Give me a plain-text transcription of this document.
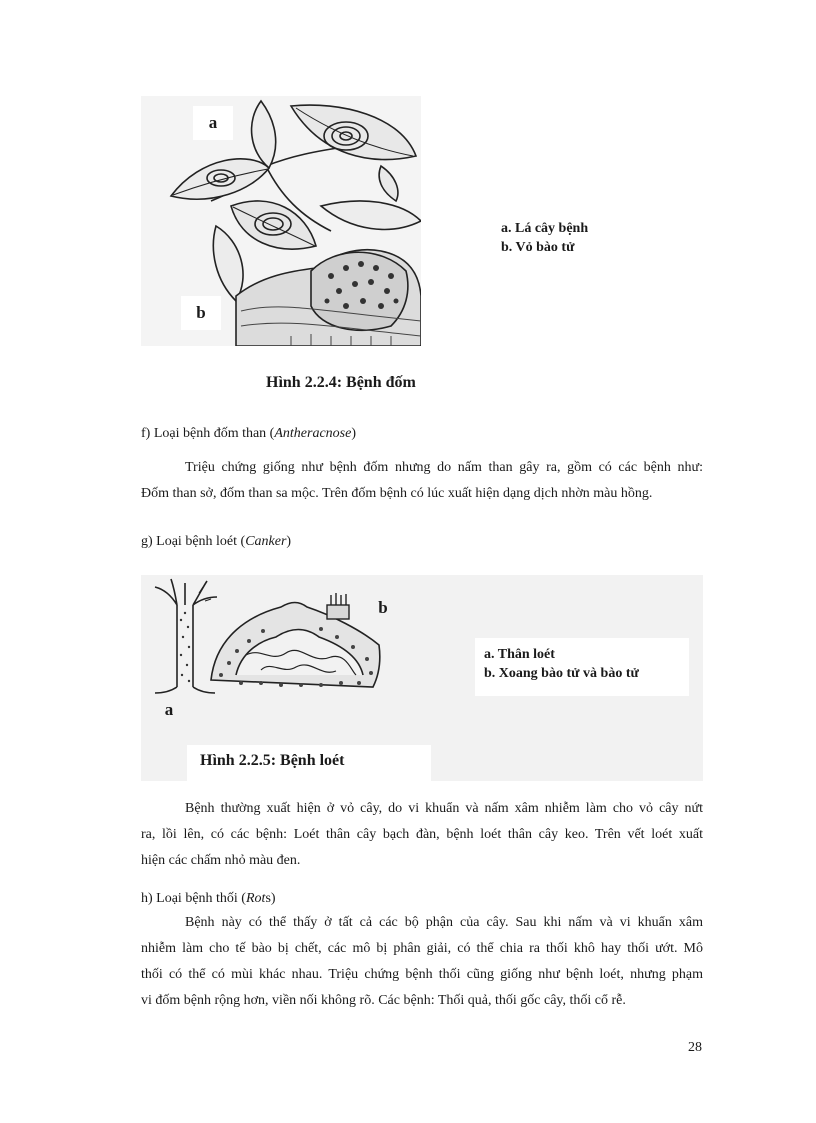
a
b
a. Lá cây bệnh
b. Vỏ bào tử
Hình 2.2.4: Bệnh đốm
f) Loại bệnh đốm than (Antheracnose)
Triệu chứng giống như bệnh đốm nhưng do nấm than gây ra, gồm có các bệnh như:
Đốm than sở, đốm than sa mộc. Trên đốm bệnh có lúc xuất hiện dạng dịch nhờn màu hồng.
g) Loại bệnh loét (Canker)
b
a
a. Thân loét
b. Xoang bào tử và bào tử
Hình 2.2.5: Bệnh loét
Bệnh thường xuất hiện ở vỏ cây, do vi khuẩn và nấm xâm nhiễm làm cho vỏ cây nứt
ra, lồi lên, có các bệnh: Loét thân cây bạch đàn, bệnh loét thân cây keo. Trên vết loét xuất
hiện các chấm nhỏ màu đen.
h) Loại bệnh thối (Rots)
Bệnh này có thể thấy ở tất cả các bộ phận của cây. Sau khi nấm và vi khuẩn xâm
nhiễm làm cho tế bào bị chết, các mô bị phân giải, có thể chia ra thối khô hay thối ướt. Mô
thối có thể có mùi khác nhau. Triệu chứng bệnh thối cũng giống như bệnh loét, nhưng phạm
vi đốm bệnh rộng hơn, viền nối không rõ. Các bệnh: Thối quả, thối gốc cây, thối cổ rễ.
28
